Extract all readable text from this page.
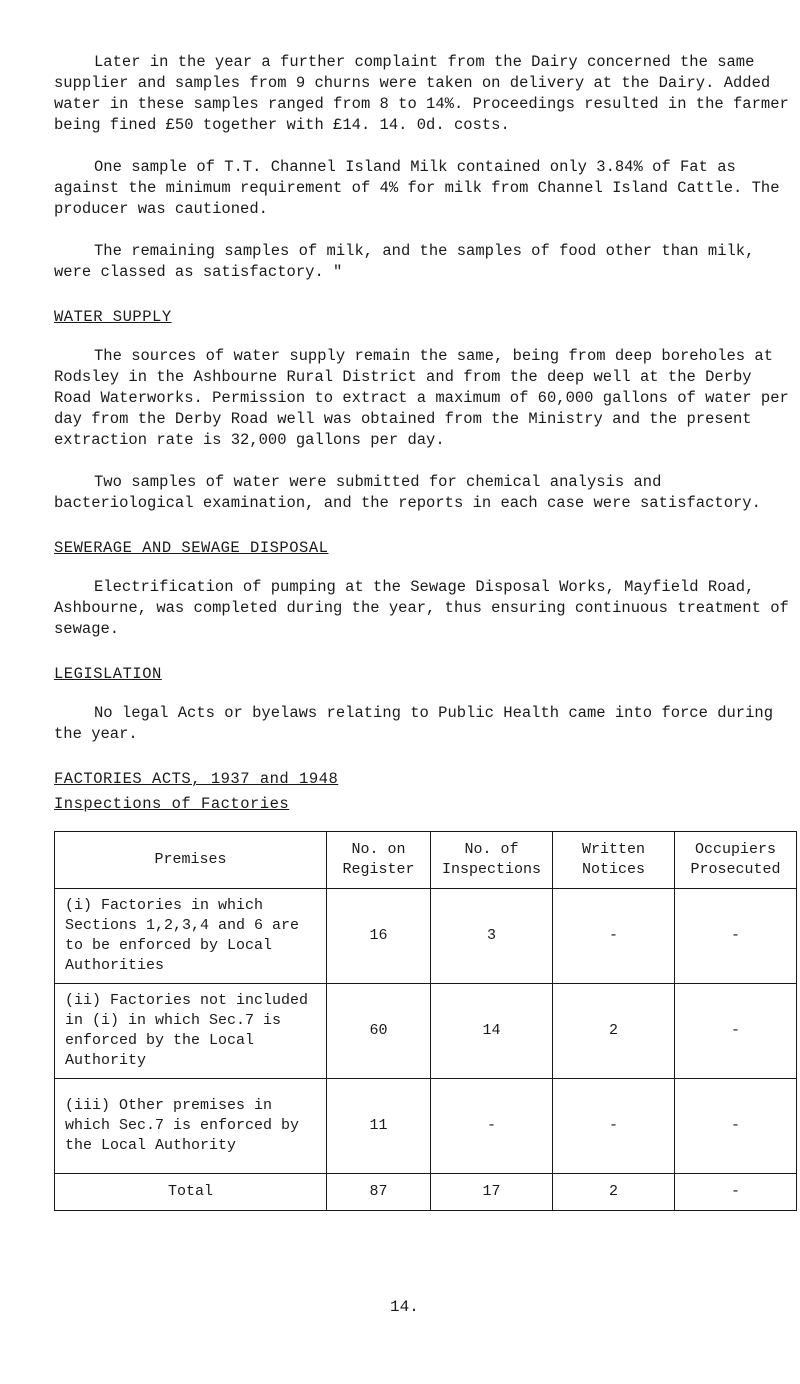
Later in the year a further complaint from the Dairy concerned the same supplier and samples from 9 churns were taken on delivery at the Dairy. Added water in these samples ranged from 8 to 14%. Proceedings resulted in the farmer being fined £50 together with £14. 14. 0d. costs.

One sample of T.T. Channel Island Milk contained only 3.84% of Fat as against the minimum requirement of 4% for milk from Channel Island Cattle. The producer was cautioned.

The remaining samples of milk, and the samples of food other than milk, were classed as satisfactory. "

WATER SUPPLY

The sources of water supply remain the same, being from deep boreholes at Rodsley in the Ashbourne Rural District and from the deep well at the Derby Road Waterworks. Permission to extract a maximum of 60,000 gallons of water per day from the Derby Road well was obtained from the Ministry and the present extraction rate is 32,000 gallons per day.

Two samples of water were submitted for chemical analysis and bacteriological examination, and the reports in each case were satisfactory.

SEWERAGE AND SEWAGE DISPOSAL

Electrification of pumping at the Sewage Disposal Works, Mayfield Road, Ashbourne, was completed during the year, thus ensuring continuous treatment of sewage.

LEGISLATION

No legal Acts or byelaws relating to Public Health came into force during the year.

FACTORIES ACTS, 1937 and 1948

Inspections of Factories

Premises	No. on Register	No. of Inspections	Written Notices	Occupiers Prosecuted
(i) Factories in which Sections 1,2,3,4 and 6 are to be enforced by Local Authorities	16	3	-	-
(ii) Factories not included in (i) in which Sec.7 is enforced by the Local Authority	60	14	2	-
(iii) Other premises in which Sec.7 is enforced by the Local Authority	11	-	-	-
Total	87	17	2	-
14.
